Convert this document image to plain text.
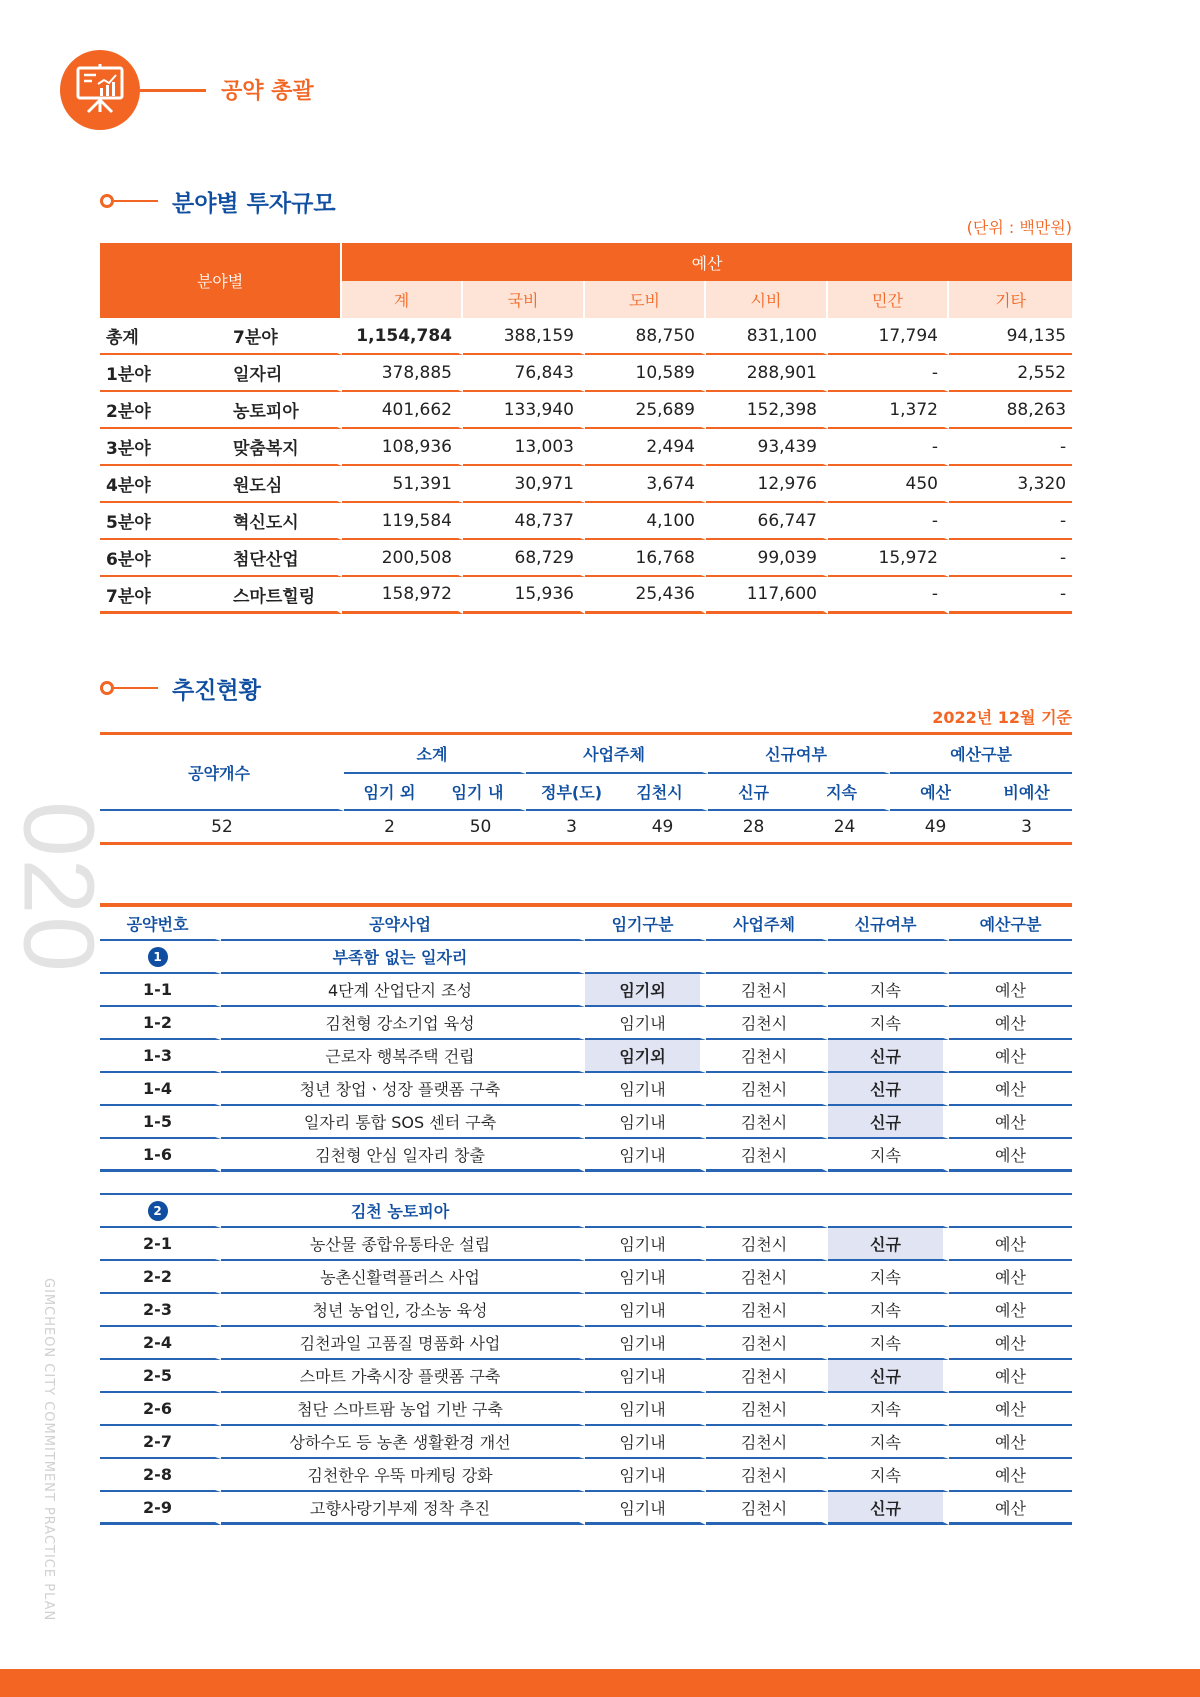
공약 총괄
분야별 투자규모
(단위 : 백만원)
분야별		예산					
		계	국비	도비	시비	민간	기타
총계	7분야	1,154,784	388,159	88,750	831,100	17,794	94,135
1분야	일자리	378,885	76,843	10,589	288,901	-	2,552
2분야	농토피아	401,662	133,940	25,689	152,398	1,372	88,263
3분야	맞춤복지	108,936	13,003	2,494	93,439	-	-
4분야	원도심	51,391	30,971	3,674	12,976	450	3,320
5분야	혁신도시	119,584	48,737	4,100	66,747	-	-
6분야	첨단산업	200,508	68,729	16,768	99,039	15,972	-
7분야	스마트힐링	158,972	15,936	25,436	117,600	-	-
추진현황
2022년 12월 기준
공약개수	소계		사업주체		신규여부		예산구분	
	임기 외	임기 내	정부(도)	김천시	신규	지속	예산	비예산
52	2	50	3	49	28	24	49	3
공약번호	공약사업	임기구분	사업주체	신규여부	예산구분
1	부족함 없는 일자리				
1-1	4단계 산업단지 조성	임기외	김천시	지속	예산
1-2	김천형 강소기업 육성	임기내	김천시	지속	예산
1-3	근로자 행복주택 건립	임기외	김천시	신규	예산
1-4	청년 창업ㆍ성장 플랫폼 구축	임기내	김천시	신규	예산
1-5	일자리 통합 SOS 센터 구축	임기내	김천시	신규	예산
1-6	김천형 안심 일자리 창출	임기내	김천시	지속	예산
2	김천 농토피아				
2-1	농산물 종합유통타운 설립	임기내	김천시	신규	예산
2-2	농촌신활력플러스 사업	임기내	김천시	지속	예산
2-3	청년 농업인, 강소농 육성	임기내	김천시	지속	예산
2-4	김천과일 고품질 명품화 사업	임기내	김천시	지속	예산
2-5	스마트 가축시장 플랫폼 구축	임기내	김천시	신규	예산
2-6	첨단 스마트팜 농업 기반 구축	임기내	김천시	지속	예산
2-7	상하수도 등 농촌 생활환경 개선	임기내	김천시	지속	예산
2-8	김천한우 우뚝 마케팅 강화	임기내	김천시	지속	예산
2-9	고향사랑기부제 정착 추진	임기내	김천시	신규	예산
020
GIMCHEON CITY COMMITMENT PRACTICE PLAN
